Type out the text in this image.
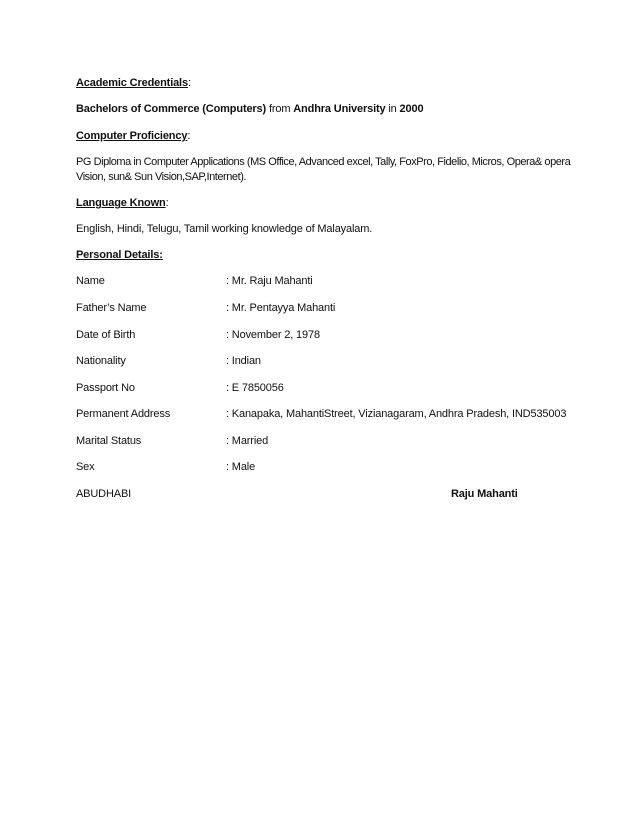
Academic Credentials:
Bachelors of Commerce (Computers) from Andhra University in 2000
Computer Proficiency:
PG Diploma in Computer Applications (MS Office, Advanced excel, Tally, FoxPro, Fidelio, Micros, Opera& opera Vision, sun& Sun Vision,SAP,Internet).
Language Known:
English, Hindi, Telugu, Tamil working knowledge of Malayalam.
Personal Details:
Name	: Mr. Raju Mahanti
Father’s Name	: Mr. Pentayya Mahanti
Date of Birth	: November 2, 1978
Nationality	: Indian
Passport No	: E 7850056
Permanent Address	: Kanapaka, MahantiStreet, Vizianagaram, Andhra Pradesh, IND535003
Marital Status	: Married
Sex	: Male
ABUDHABI	Raju Mahanti
